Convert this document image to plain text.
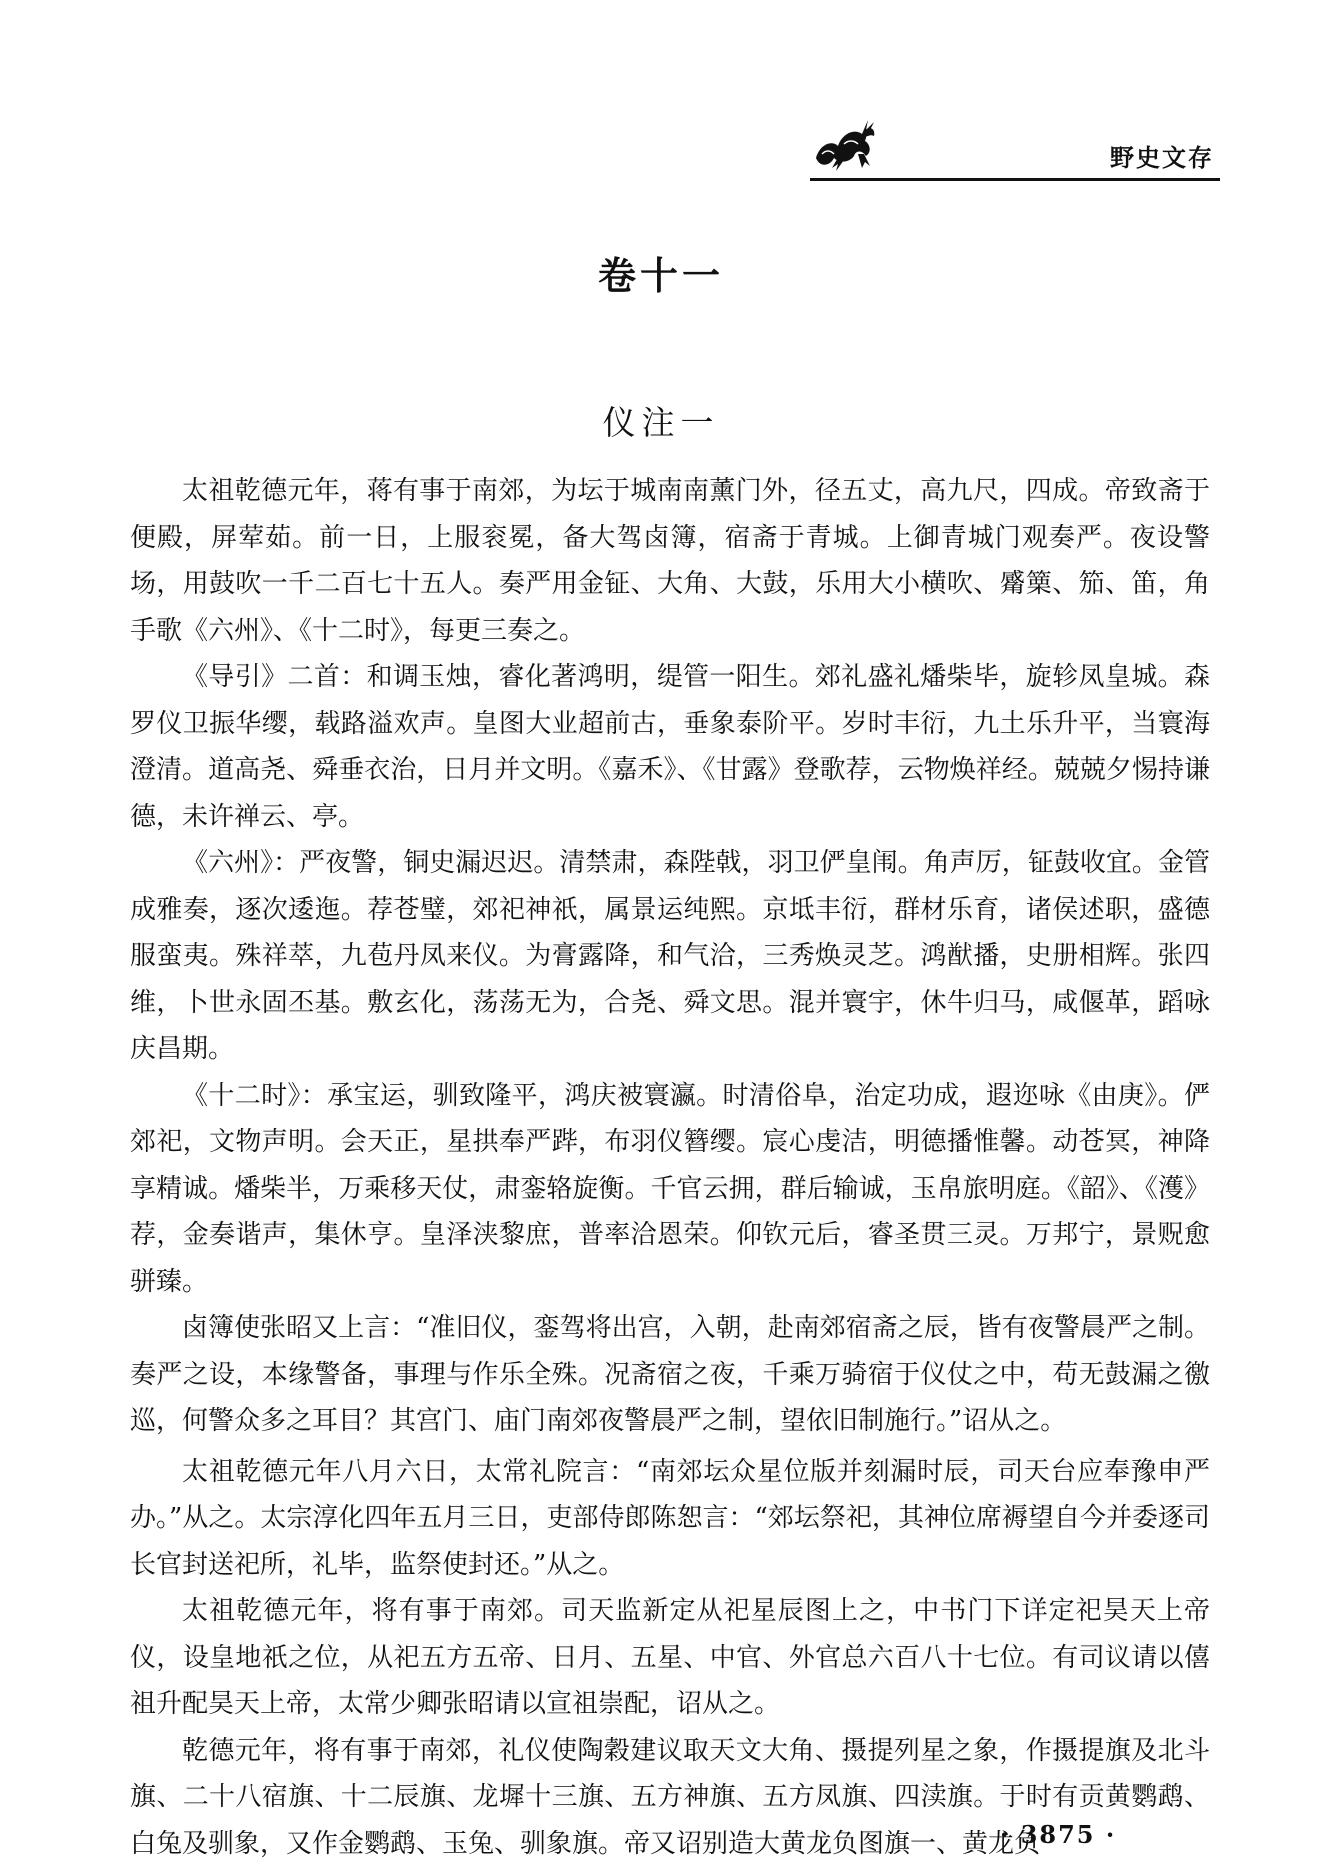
野史文存
卷十一
仪注一

太祖乾德元年，蒋有事于南郊，为坛于城南南薰门外，径五丈，高九尺，四成。帝致斋于便殿，屏荤茹。前一日，上服衮冕，备大驾卤簿，宿斋于青城。上御青城门观奏严。夜设警场，用鼓吹一千二百七十五人。奏严用金钲、大角、大鼓，乐用大小横吹、觱篥、笳、笛，角手歌《六州》、《十二时》，每更三奏之。

《导引》二首：和调玉烛，睿化著鸿明，缇管一阳生。郊礼盛礼燔柴毕，旋轸凤皇城。森罗仪卫振华缨，载路溢欢声。皇图大业超前古，垂象泰阶平。岁时丰衍，九土乐升平，当寰海澄清。道高尧、舜垂衣治，日月并文明。《嘉禾》、《甘露》登歌荐，云物焕祥经。兢兢夕惕持谦德，未许禅云、亭。

《六州》：严夜警，铜史漏迟迟。清禁肃，森陛戟，羽卫俨皇闱。角声厉，钲鼓收宜。金管成雅奏，逐次逶迤。荐苍璧，郊祀神祇，属景运纯熙。京坻丰衍，群材乐育，诸侯述职，盛德服蛮夷。殊祥萃，九苞丹凤来仪。为膏露降，和气洽，三秀焕灵芝。鸿猷播，史册相辉。张四维，卜世永固丕基。敷玄化，荡荡无为，合尧、舜文思。混并寰宇，休牛归马，咸偃革，蹈咏庆昌期。

《十二时》：承宝运，驯致隆平，鸿庆被寰瀛。时清俗阜，治定功成，遐迩咏《由庚》。俨郊祀，文物声明。会天正，星拱奉严跸，布羽仪簪缨。宸心虔洁，明德播惟馨。动苍冥，神降享精诚。燔柴半，万乘移天仗，肃銮辂旋衡。千官云拥，群后输诚，玉帛旅明庭。《韶》、《濩》荐，金奏谐声，集休亨。皇泽浃黎庶，普率洽恩荣。仰钦元后，睿圣贯三灵。万邦宁，景贶愈骈臻。

卤簿使张昭又上言：“准旧仪，銮驾将出宫，入朝，赴南郊宿斋之辰，皆有夜警晨严之制。奏严之设，本缘警备，事理与作乐全殊。况斋宿之夜，千乘万骑宿于仪仗之中，苟无鼓漏之徼巡，何警众多之耳目？其宫门、庙门南郊夜警晨严之制，望依旧制施行。”诏从之。

太祖乾德元年八月六日，太常礼院言：“南郊坛众星位版并刻漏时辰，司天台应奉豫申严办。”从之。太宗淳化四年五月三日，吏部侍郎陈恕言：“郊坛祭祀，其神位席褥望自今并委逐司长官封送祀所，礼毕，监祭使封还。”从之。

太祖乾德元年，将有事于南郊。司天监新定从祀星辰图上之，中书门下详定祀昊天上帝仪，设皇地祇之位，从祀五方五帝、日月、五星、中官、外官总六百八十七位。有司议请以僖祖升配昊天上帝，太常少卿张昭请以宣祖崇配，诏从之。

乾德元年，将有事于南郊，礼仪使陶穀建议取天文大角、摄提列星之象，作摄提旗及北斗旗、二十八宿旗、十二辰旗、龙墀十三旗、五方神旗、五方凤旗、四渎旗。于时有贡黄鹦鹉、白兔及驯象，又作金鹦鹉、玉兔、驯象旗。帝又诏别造大黄龙负图旗一、黄龙负

· 3875 ·
